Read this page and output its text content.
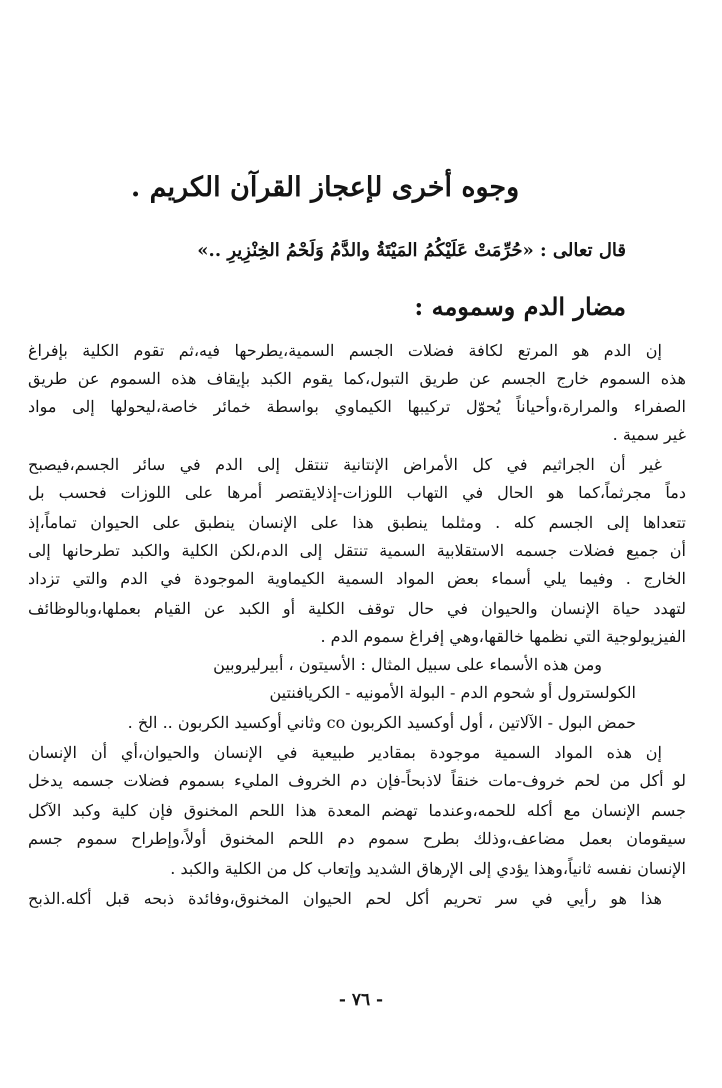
وجوه أخرى لإعجاز القرآن الكريم .
قال تعالى : «حُرِّمَتْ عَلَيْكُمُ المَيْتَةُ والدَّمُ وَلَحْمُ الخِنْزِيرِ ..»
مضار الدم وسمومه :
إن الدم هو المرتع لكافة فضلات الجسم السمية،يطرحها فيه،ثم تقوم الكلية بإفراغ
هذه السموم خارج الجسم عن طريق التبول،كما يقوم الكبد بإيقاف هذه السموم عن طريق
الصفراء والمرارة،وأحياناً يُحوّل تركيبها الكيماوي بواسطة خمائر خاصة،ليحولها إلى مواد
غير سمية .
غير أن الجراثيم في كل الأمراض الإنتانية تنتقل إلى الدم في سائر الجسم،فيصبح
دماً مجرثماً،كما هو الحال في التهاب اللوزات-إذلايقتصر أمرها على اللوزات فحسب بل
تتعداها إلى الجسم كله . ومثلما ينطبق هذا على الإنسان ينطبق على الحيوان تماماً،إذ
أن جميع فضلات جسمه الاستقلابية السمية تنتقل إلى الدم،لكن الكلية والكبد تطرحانها إلى
الخارج . وفيما يلي أسماء بعض المواد السمية الكيماوية الموجودة في الدم والتي تزداد
لتهدد حياة الإنسان والحيوان في حال توقف الكلية أو الكبد عن القيام بعملها،وبالوظائف
الفيزيولوجية التي نظمها خالقها،وهي إفراغ سموم الدم .
ومن هذه الأسماء على سبيل المثال : الأسيتون ، أبيرليروبين
الكولسترول أو شحوم الدم - البولة الأمونيه - الكريافنتين
حمض البول - الآلاتين ، أول أوكسيد الكربون co وثاني أوكسيد الكربون .. الخ .
إن هذه المواد السمية موجودة بمقادير طبيعية في الإنسان والحيوان،أي أن الإنسان
لو أكل من لحم خروف-مات خنقاً لاذبحاً-فإن دم الخروف المليء بسموم فضلات جسمه يدخل
جسم الإنسان مع أكله للحمه،وعندما تهضم المعدة هذا اللحم المخنوق فإن كلية وكبد الآكل
سيقومان بعمل مضاعف،وذلك بطرح سموم دم اللحم المخنوق أولاً،وإطراح سموم جسم
الإنسان نفسه ثانياً،وهذا يؤدي إلى الإرهاق الشديد وإتعاب كل من الكلية والكبد .
هذا هو رأيي في سر تحريم أكل لحم الحيوان المخنوق،وفائدة ذبحه قبل أكله.الذبح
- ٧٦ -
